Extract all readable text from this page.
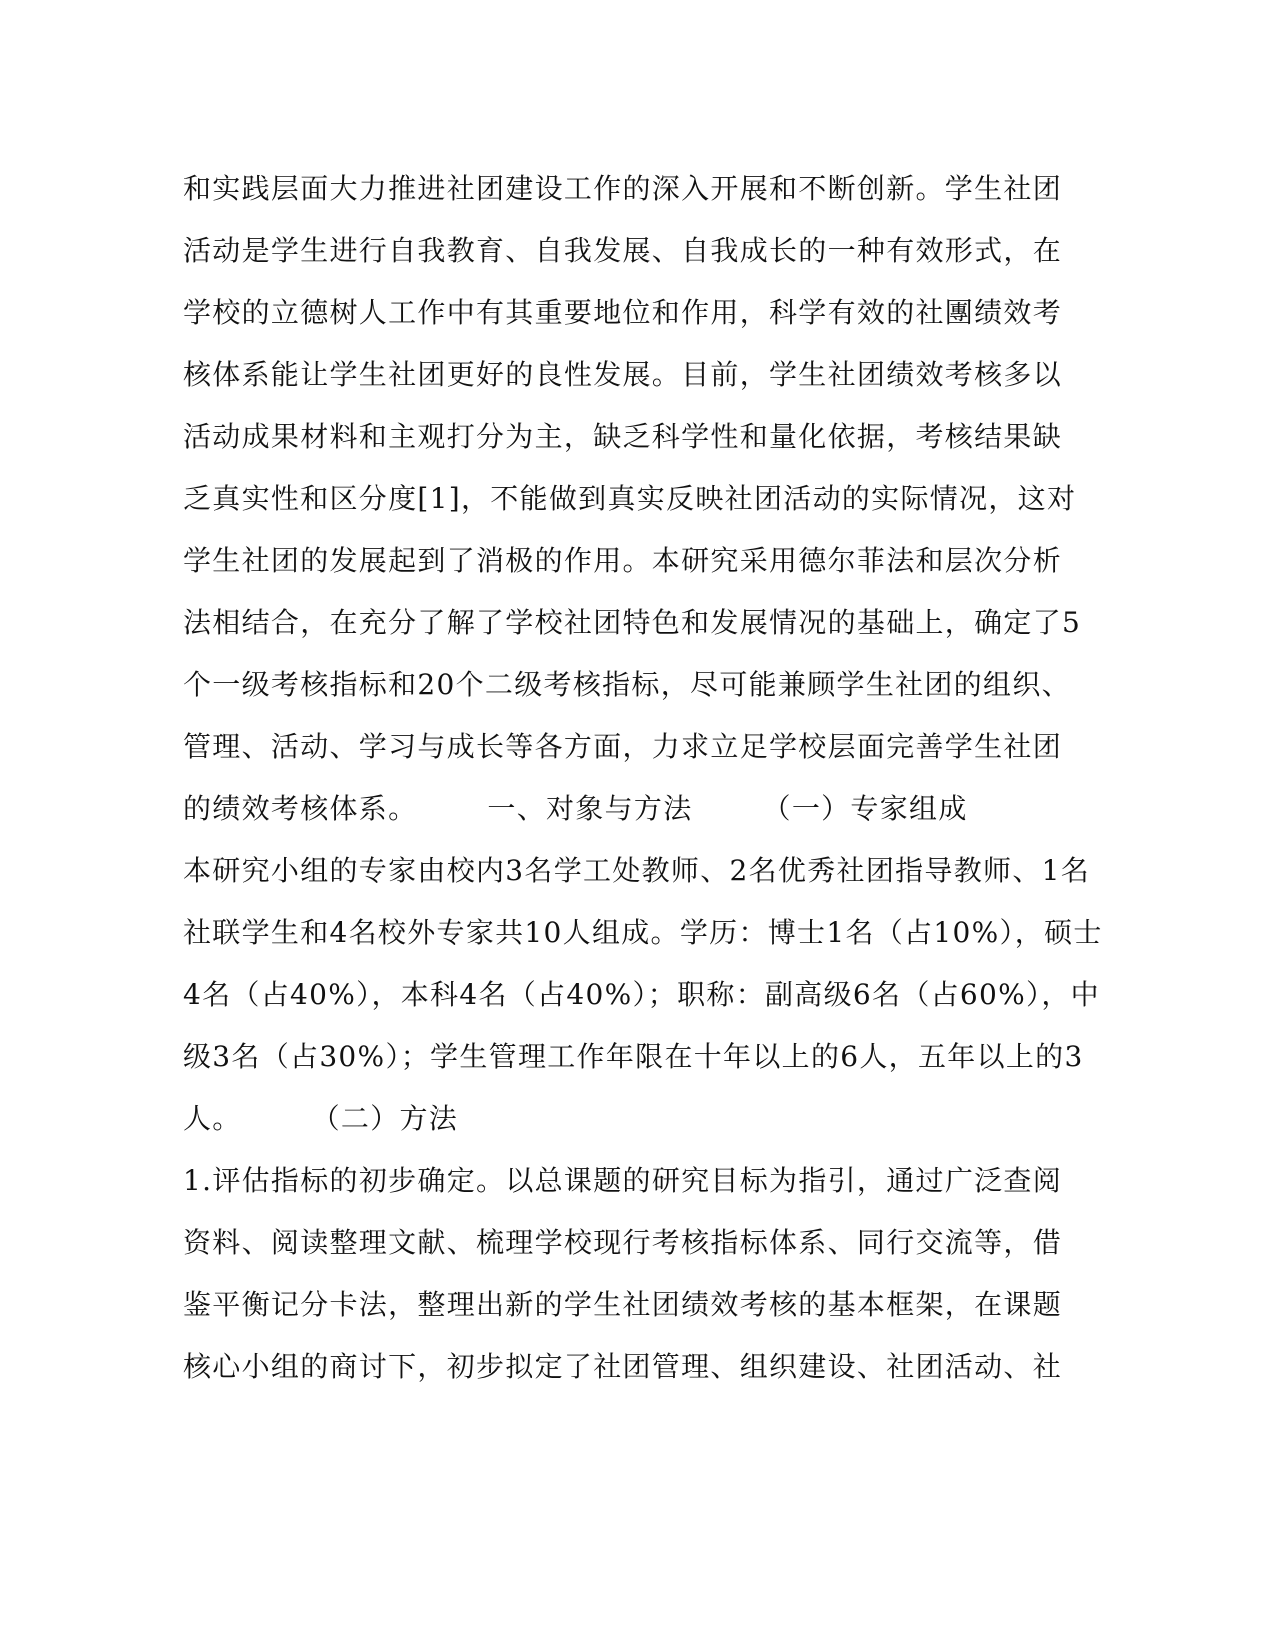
和实践层面大力推进社团建设工作的深入开展和不断创新。学生社团
活动是学生进行自我教育、自我发展、自我成长的一种有效形式，在
学校的立德树人工作中有其重要地位和作用，科学有效的社團绩效考
核体系能让学生社团更好的良性发展。目前，学生社团绩效考核多以
活动成果材料和主观打分为主，缺乏科学性和量化依据，考核结果缺
乏真实性和区分度[1]，不能做到真实反映社团活动的实际情况，这对
学生社团的发展起到了消极的作用。本研究采用德尔菲法和层次分析
法相结合，在充分了解了学校社团特色和发展情况的基础上，确定了5
个一级考核指标和20个二级考核指标，尽可能兼顾学生社团的组织、
管理、活动、学习与成长等各方面，力求立足学校层面完善学生社团
的绩效考核体系。	一、对象与方法	（一）专家组成
本研究小组的专家由校内3名学工处教师、2名优秀社团指导教师、1名
社联学生和4名校外专家共10人组成。学历：博士1名（占10%），硕士
4名（占40%），本科4名（占40%）；职称：副高级6名（占60%），中
级3名（占30%）；学生管理工作年限在十年以上的6人，五年以上的3
人。	（二）方法
1.评估指标的初步确定。以总课题的研究目标为指引，通过广泛查阅
资料、阅读整理文献、梳理学校现行考核指标体系、同行交流等，借
鉴平衡记分卡法，整理出新的学生社团绩效考核的基本框架，在课题
核心小组的商讨下，初步拟定了社团管理、组织建设、社团活动、社
